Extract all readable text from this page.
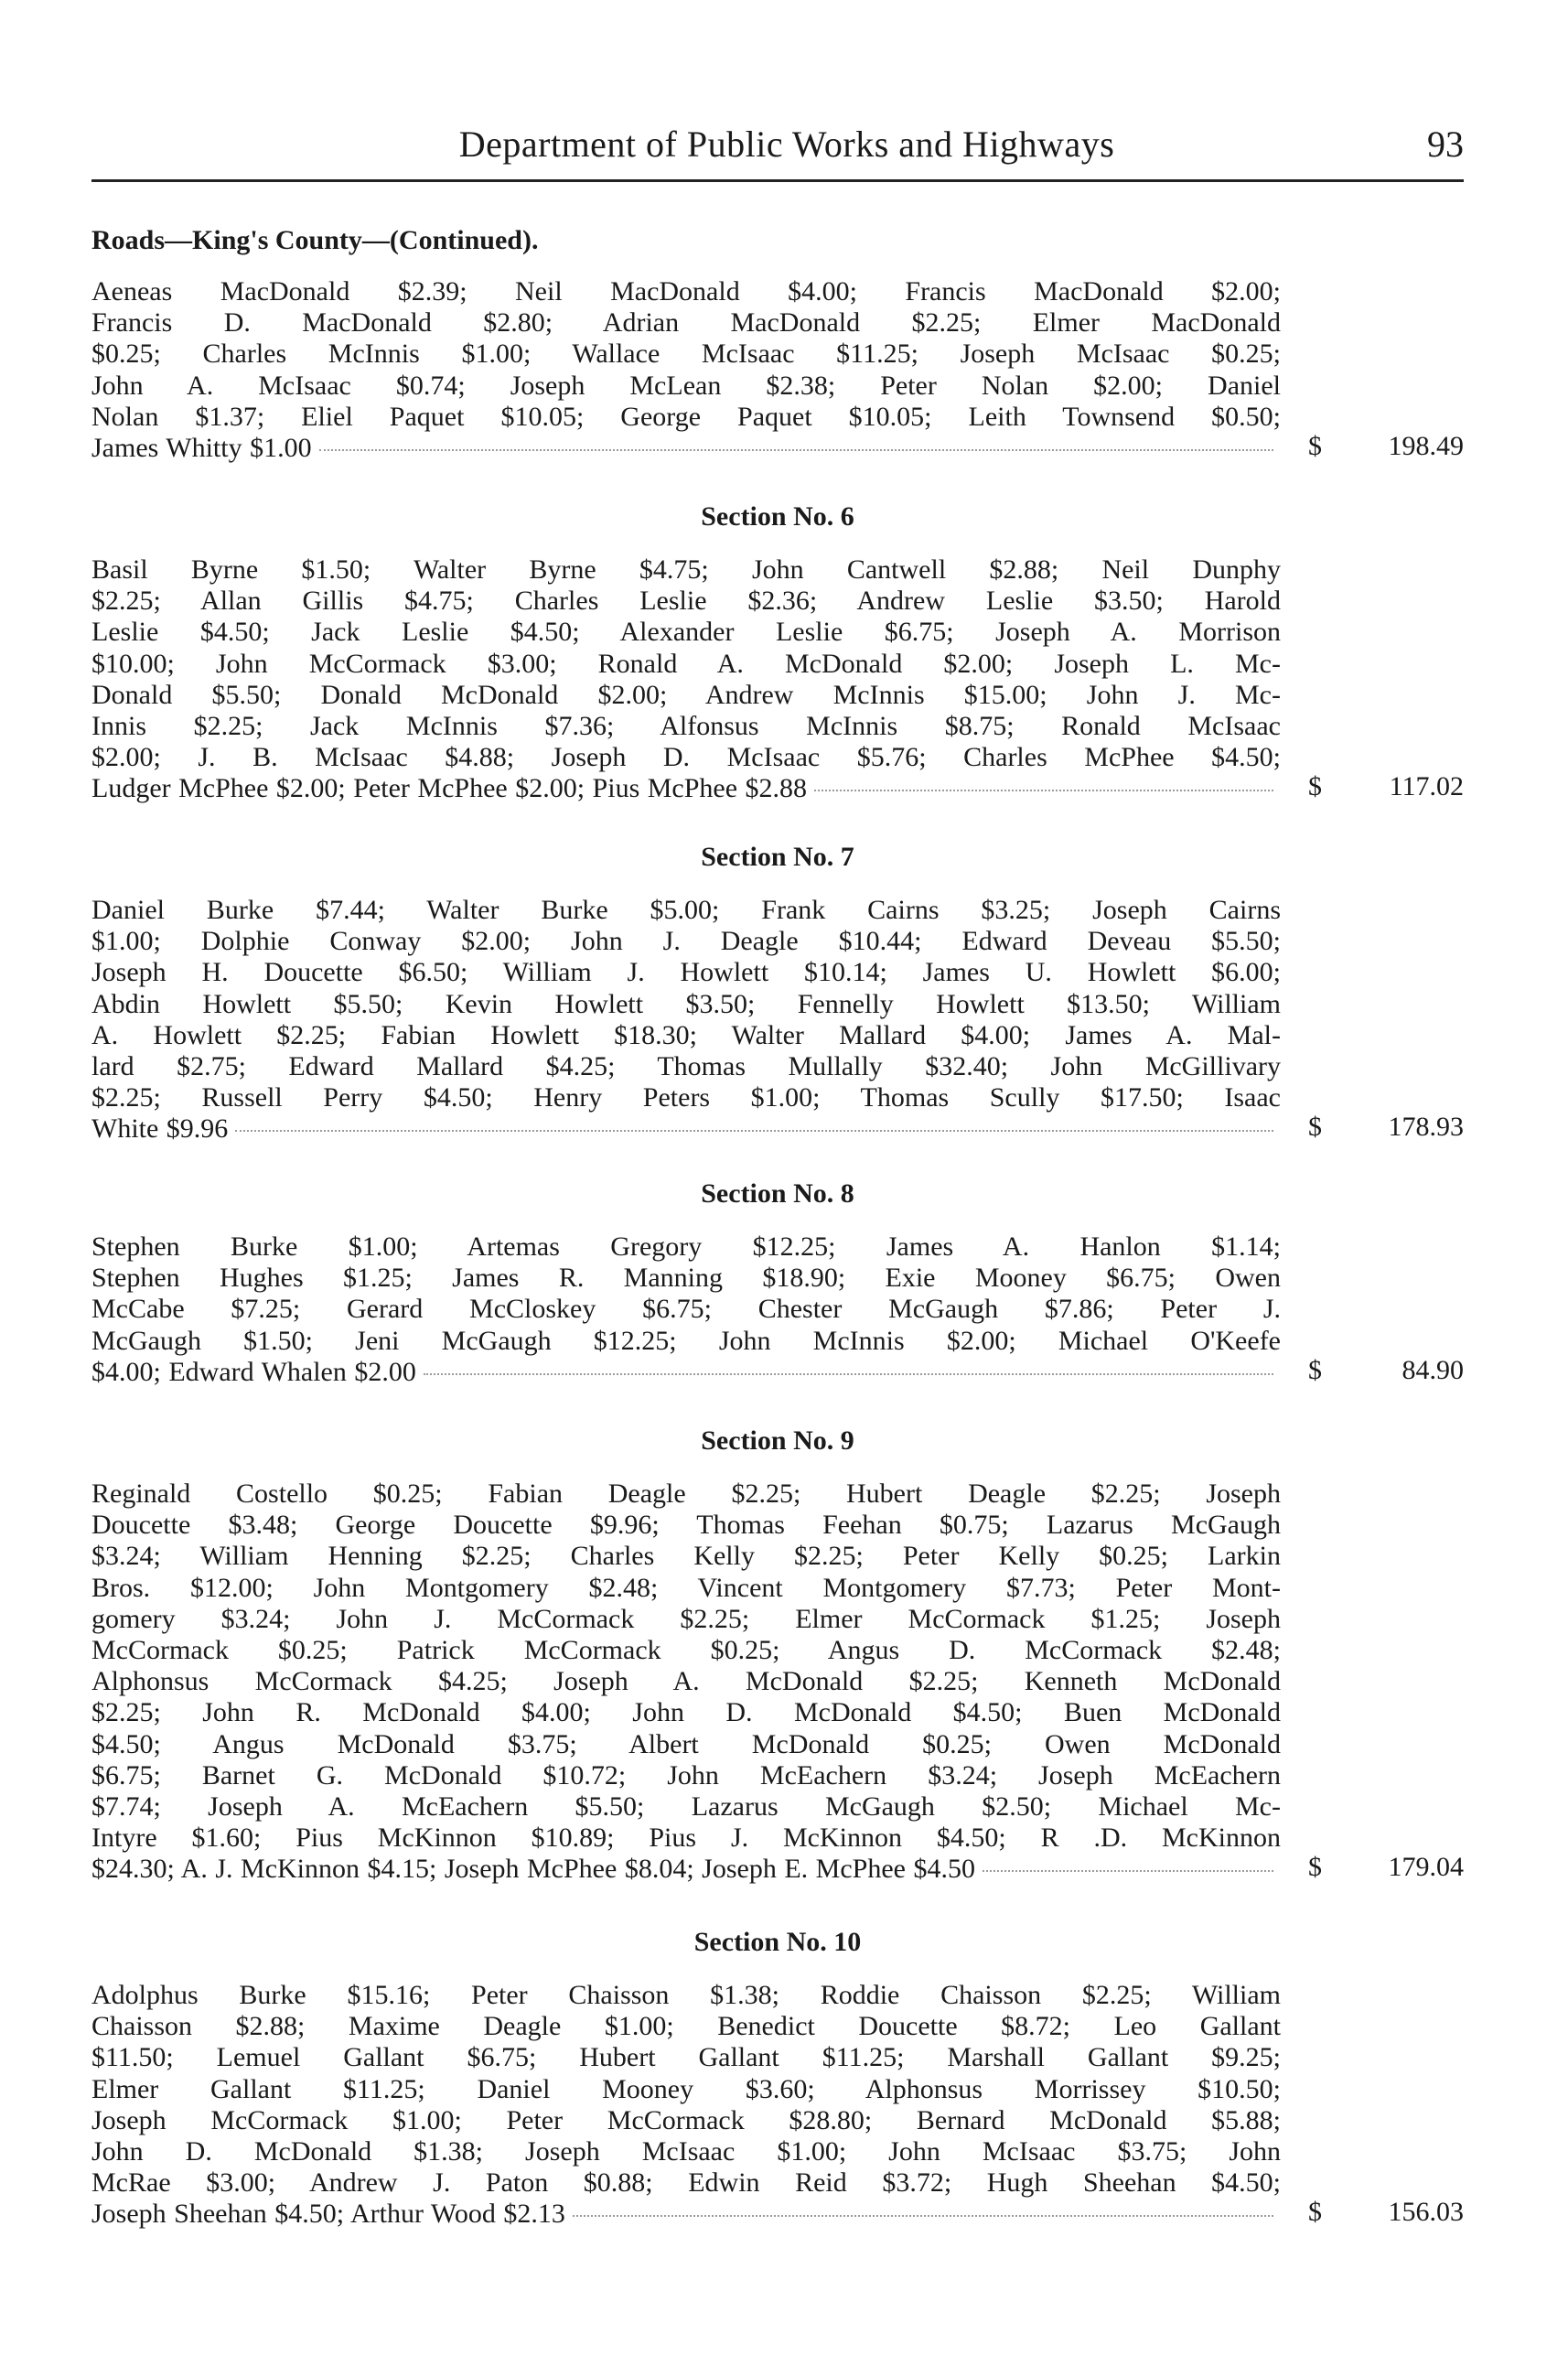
Department of Public Works and Highways	93
Roads—King's County—(Continued).
Aeneas MacDonald $2.39; Neil MacDonald $4.00; Francis MacDonald $2.00;
Francis D. MacDonald $2.80; Adrian MacDonald $2.25; Elmer MacDonald
$0.25; Charles McInnis $1.00; Wallace McIsaac $11.25; Joseph McIsaac $0.25;
John A. McIsaac $0.74; Joseph McLean $2.38; Peter Nolan $2.00; Daniel
Nolan $1.37; Eliel Paquet $10.05; George Paquet $10.05; Leith Townsend $0.50;
James Whitty $1.00	$ 198.49
Section No. 6
Basil Byrne $1.50; Walter Byrne $4.75; John Cantwell $2.88; Neil Dunphy
$2.25; Allan Gillis $4.75; Charles Leslie $2.36; Andrew Leslie $3.50; Harold
Leslie $4.50; Jack Leslie $4.50; Alexander Leslie $6.75; Joseph A. Morrison
$10.00; John McCormack $3.00; Ronald A. McDonald $2.00; Joseph L. Mc-
Donald $5.50; Donald McDonald $2.00; Andrew McInnis $15.00; John J. Mc-
Innis $2.25; Jack McInnis $7.36; Alfonsus McInnis $8.75; Ronald McIsaac
$2.00; J. B. McIsaac $4.88; Joseph D. McIsaac $5.76; Charles McPhee $4.50;
Ludger McPhee $2.00; Peter McPhee $2.00; Pius McPhee $2.88	$ 117.02
Section No. 7
Daniel Burke $7.44; Walter Burke $5.00; Frank Cairns $3.25; Joseph Cairns
$1.00; Dolphie Conway $2.00; John J. Deagle $10.44; Edward Deveau $5.50;
Joseph H. Doucette $6.50; William J. Howlett $10.14; James U. Howlett $6.00;
Abdin Howlett $5.50; Kevin Howlett $3.50; Fennelly Howlett $13.50; William
A. Howlett $2.25; Fabian Howlett $18.30; Walter Mallard $4.00; James A. Mal-
lard $2.75; Edward Mallard $4.25; Thomas Mullally $32.40; John McGillivary
$2.25; Russell Perry $4.50; Henry Peters $1.00; Thomas Scully $17.50; Isaac
White $9.96	$ 178.93
Section No. 8
Stephen Burke $1.00; Artemas Gregory $12.25; James A. Hanlon $1.14;
Stephen Hughes $1.25; James R. Manning $18.90; Exie Mooney $6.75; Owen
McCabe $7.25; Gerard McCloskey $6.75; Chester McGaugh $7.86; Peter J.
McGaugh $1.50; Jeni McGaugh $12.25; John McInnis $2.00; Michael O'Keefe
$4.00; Edward Whalen $2.00	$	84.90
Section No. 9
Reginald Costello $0.25; Fabian Deagle $2.25; Hubert Deagle $2.25; Joseph
Doucette $3.48; George Doucette $9.96; Thomas Feehan $0.75; Lazarus McGaugh
$3.24; William Henning $2.25; Charles Kelly $2.25; Peter Kelly $0.25; Larkin
Bros. $12.00; John Montgomery $2.48; Vincent Montgomery $7.73; Peter Mont-
gomery $3.24; John J. McCormack $2.25; Elmer McCormack $1.25; Joseph
McCormack $0.25; Patrick McCormack $0.25; Angus D. McCormack $2.48;
Alphonsus McCormack $4.25; Joseph A. McDonald $2.25; Kenneth McDonald
$2.25; John R. McDonald $4.00; John D. McDonald $4.50; Buen McDonald
$4.50; Angus McDonald $3.75; Albert McDonald $0.25; Owen McDonald
$6.75; Barnet G. McDonald $10.72; John McEachern $3.24; Joseph McEachern
$7.74; Joseph A. McEachern $5.50; Lazarus McGaugh $2.50; Michael Mc-
Intyre $1.60; Pius McKinnon $10.89; Pius J. McKinnon $4.50; R .D. McKinnon
$24.30; A. J. McKinnon $4.15; Joseph McPhee $8.04; Joseph E. McPhee $4.50	$ 179.04
Section No. 10
Adolphus Burke $15.16; Peter Chaisson $1.38; Roddie Chaisson $2.25; William
Chaisson $2.88; Maxime Deagle $1.00; Benedict Doucette $8.72; Leo Gallant
$11.50; Lemuel Gallant $6.75; Hubert Gallant $11.25; Marshall Gallant $9.25;
Elmer Gallant $11.25; Daniel Mooney $3.60; Alphonsus Morrissey $10.50;
Joseph McCormack $1.00; Peter McCormack $28.80; Bernard McDonald $5.88;
John D. McDonald $1.38; Joseph McIsaac $1.00; John McIsaac $3.75; John
McRae $3.00; Andrew J. Paton $0.88; Edwin Reid $3.72; Hugh Sheehan $4.50;
Joseph Sheehan $4.50; Arthur Wood $2.13	$ 156.03
